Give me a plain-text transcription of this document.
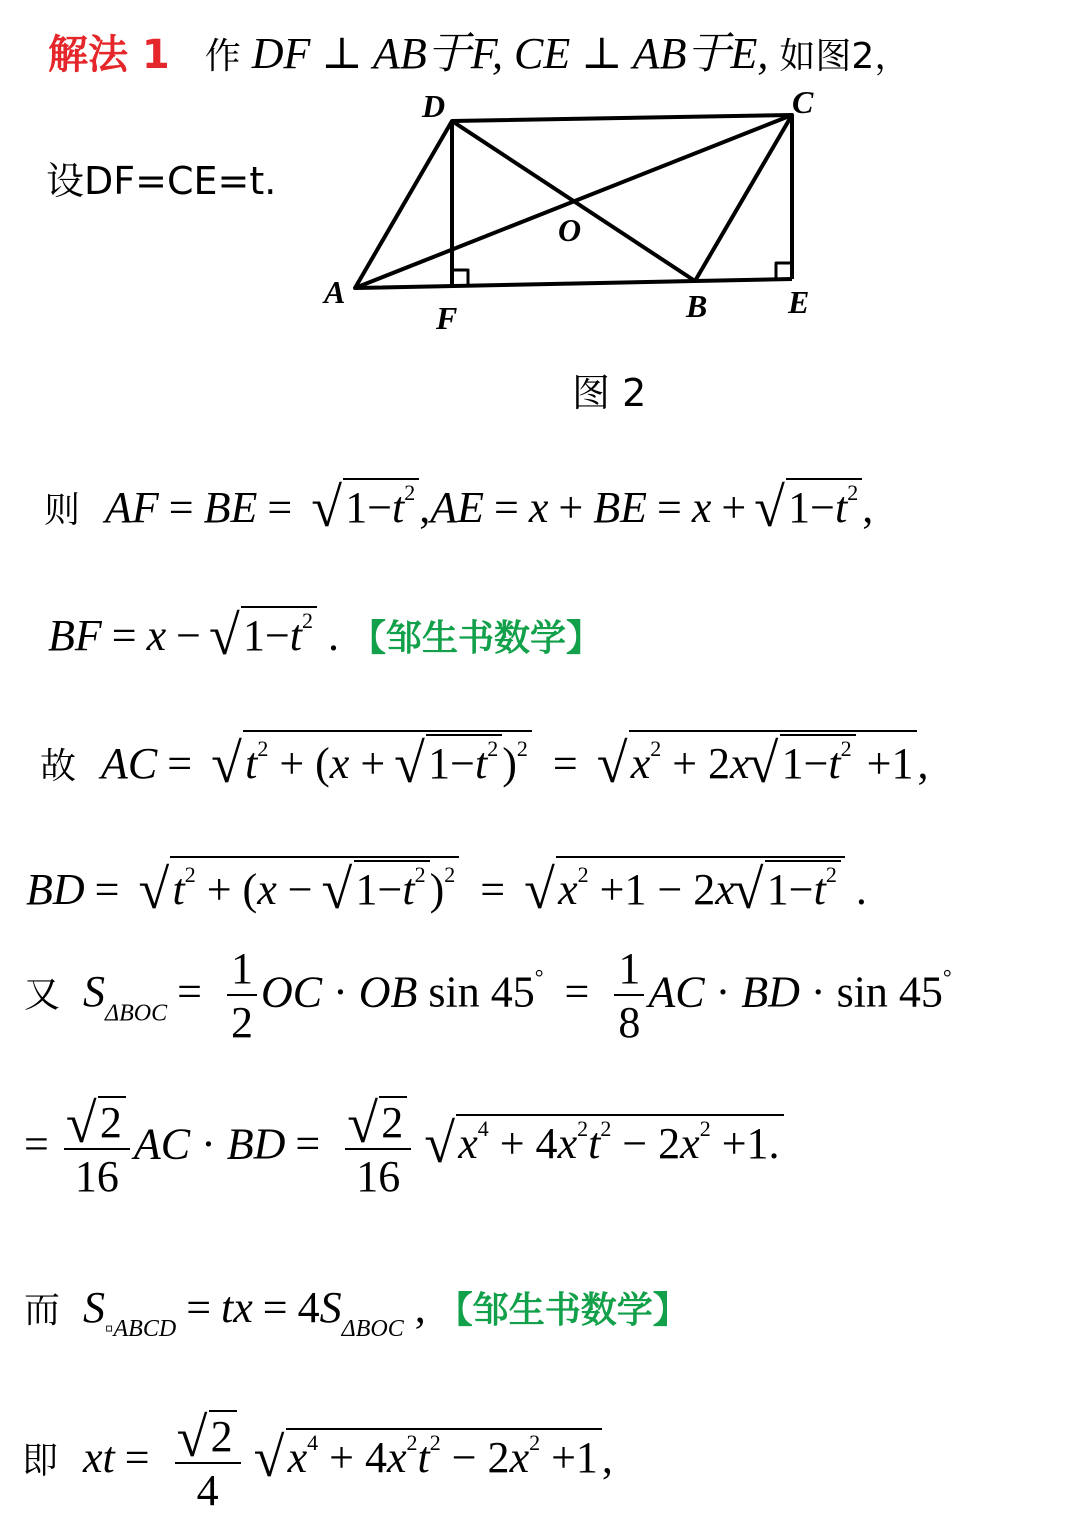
解法 1 作 DF ⊥ AB于F, CE ⊥ AB于E, 如图2，
设DF=CE=t.
D	C
O
A
F	B	E
图 2
则 AF = BE = √ $1-t^2,AE = x$ + BE = x +√ $1-t^2$,
BF = x −√ $1-t^2$ . 【邹生书数学】
故 AC = √ $t^2 + (x$ + √ $1-t^2)^2$ = √ $x^2 + 2x√$ $1-t^2 +1$,
BD = √ $t^2 + (x$ − √ $1-t^2)^2$ = √ $x^2 +1 - 2x√$ $1-t^2$ .
又 $S_{\Delta BOC} = \frac{1}{2}$ OC · OB $\sin 45^\circ = \frac{1}{8}$ AC · BD · sin 45°
=
√ $\frac{2}{16}$ AC · BD =
√ $\frac{2}{16}$
√ $x^4 + 4x^2t^2 - 2x^2 +1$.
而 $S_{▫ABCD}$ = tx = $4S_{\Delta BOC}$ , 【邹生书数学】
即 xt =
√ $\frac{2}{4}$
√ $x^4 + 4x^2t^2 - 2x^2 +1$,
